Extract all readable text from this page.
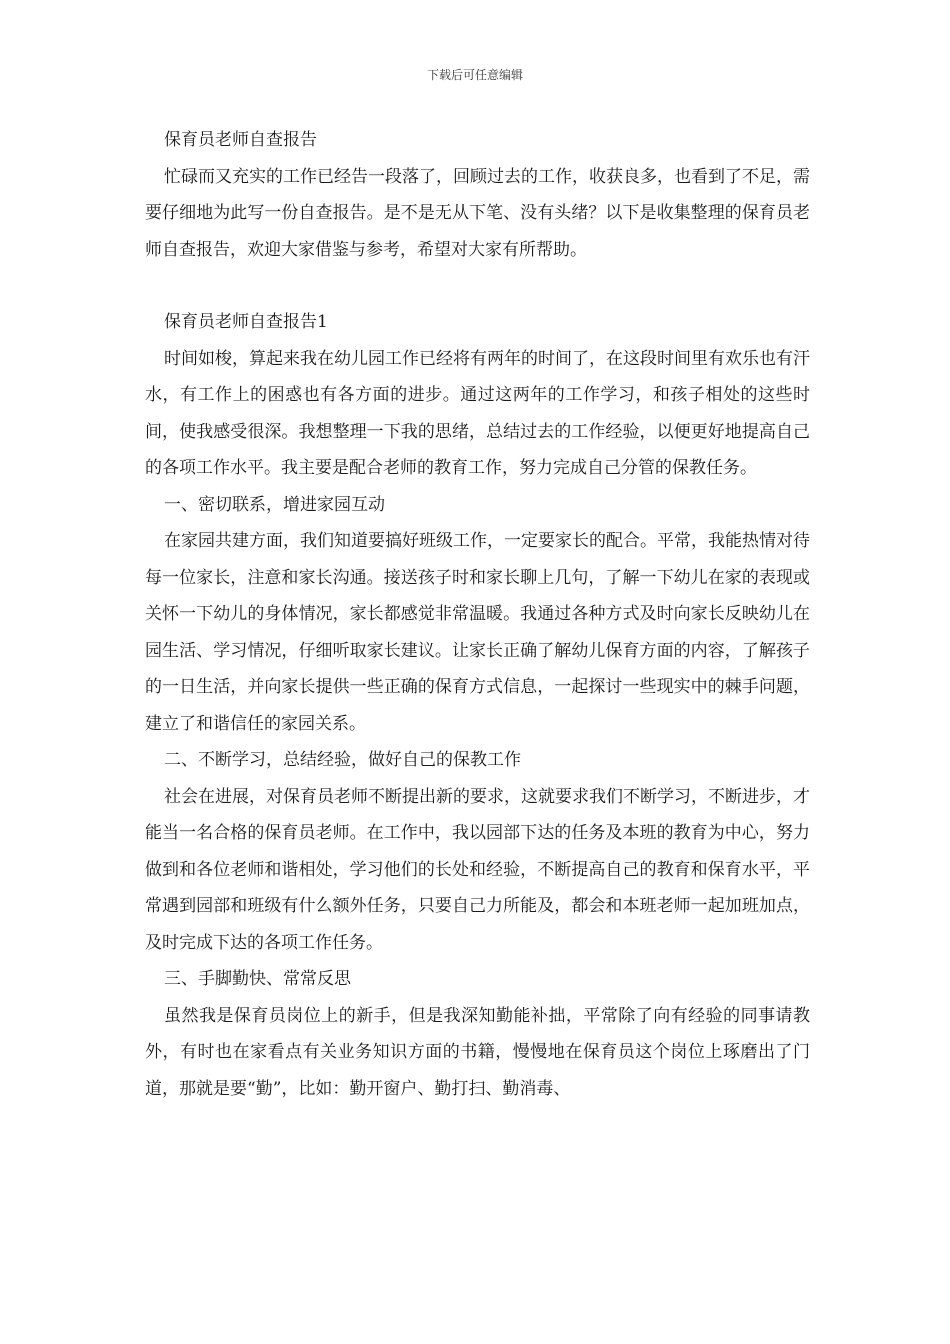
下载后可任意编辑

保育员老师自查报告

忙碌而又充实的工作已经告一段落了，回顾过去的工作，收获良多，也看到了不足，需要仔细地为此写一份自查报告。是不是无从下笔、没有头绪？以下是收集整理的保育员老师自查报告，欢迎大家借鉴与参考，希望对大家有所帮助。

保育员老师自查报告1

时间如梭，算起来我在幼儿园工作已经将有两年的时间了，在这段时间里有欢乐也有汗水，有工作上的困惑也有各方面的进步。通过这两年的工作学习，和孩子相处的这些时间，使我感受很深。我想整理一下我的思绪，总结过去的工作经验，以便更好地提高自己的各项工作水平。我主要是配合老师的教育工作，努力完成自己分管的保教任务。

一、密切联系，增进家园互动

在家园共建方面，我们知道要搞好班级工作，一定要家长的配合。平常，我能热情对待每一位家长，注意和家长沟通。接送孩子时和家长聊上几句，了解一下幼儿在家的表现或关怀一下幼儿的身体情况，家长都感觉非常温暖。我通过各种方式及时向家长反映幼儿在园生活、学习情况，仔细听取家长建议。让家长正确了解幼儿保育方面的内容，了解孩子的一日生活，并向家长提供一些正确的保育方式信息，一起探讨一些现实中的棘手问题，建立了和谐信任的家园关系。

二、不断学习，总结经验，做好自己的保教工作

社会在进展，对保育员老师不断提出新的要求，这就要求我们不断学习，不断进步，才能当一名合格的保育员老师。在工作中，我以园部下达的任务及本班的教育为中心，努力做到和各位老师和谐相处，学习他们的长处和经验，不断提高自己的教育和保育水平，平常遇到园部和班级有什么额外任务，只要自己力所能及，都会和本班老师一起加班加点，及时完成下达的各项工作任务。

三、手脚勤快、常常反思

虽然我是保育员岗位上的新手，但是我深知勤能补拙，平常除了向有经验的同事请教外，有时也在家看点有关业务知识方面的书籍，慢慢地在保育员这个岗位上琢磨出了门道，那就是要“勤”，比如：勤开窗户、勤打扫、勤消毒、
